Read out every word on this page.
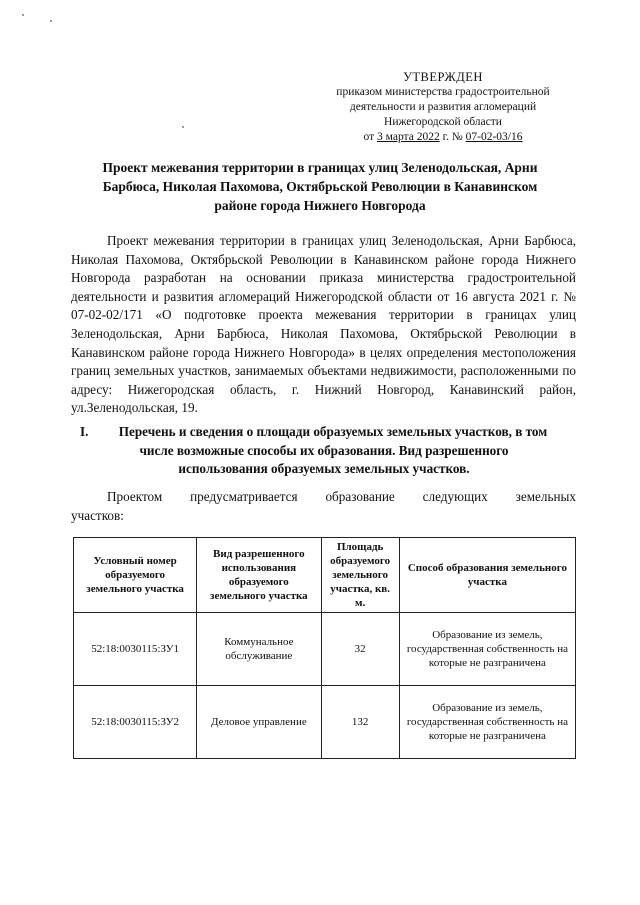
УТВЕРЖДЕН
приказом министерства градостроительной
деятельности и развития агломераций
Нижегородской области
от 3 марта 2022 г. № 07-02-03/16
Проект межевания территории в границах улиц Зеленодольская, Арни
Барбюса, Николая Пахомова, Октябрьской Революции в Канавинском
районе города Нижнего Новгорода

Проект межевания территории в границах улиц Зеленодольская, Арни Барбюса, Николая Пахомова, Октябрьской Революции в Канавинском районе города Нижнего Новгорода разработан на основании приказа министерства градостроительной деятельности и развития агломераций Нижегородской области от 16 августа 2021 г. № 07-02-02/171 «О подготовке проекта межевания территории в границах улиц Зеленодольская, Арни Барбюса, Николая Пахомова, Октябрьской Революции в Канавинском районе города Нижнего Новгорода» в целях определения местоположения границ земельных участков, занимаемых объектами недвижимости, расположенными по адресу: Нижегородская область, г. Нижний Новгород, Канавинский район, ул.Зеленодольская, 19.

I.	Перечень и сведения о площади образуемых земельных участков, в том
числе возможные способы их образования. Вид разрешенного
использования образуемых земельных участков.
Проектом предусматривается образование следующих земельных
участков:
Условный номер образуемого земельного участка	Вид разрешенного использования образуемого земельного участка	Площадь образуемого земельного участка, кв. м.	Способ образования земельного участка
52:18:0030115:ЗУ1	Коммунальное обслуживание	32	Образование из земель, государственная собственность на которые не разграничена
52:18:0030115:ЗУ2	Деловое управление	132	Образование из земель, государственная собственность на которые не разграничена
